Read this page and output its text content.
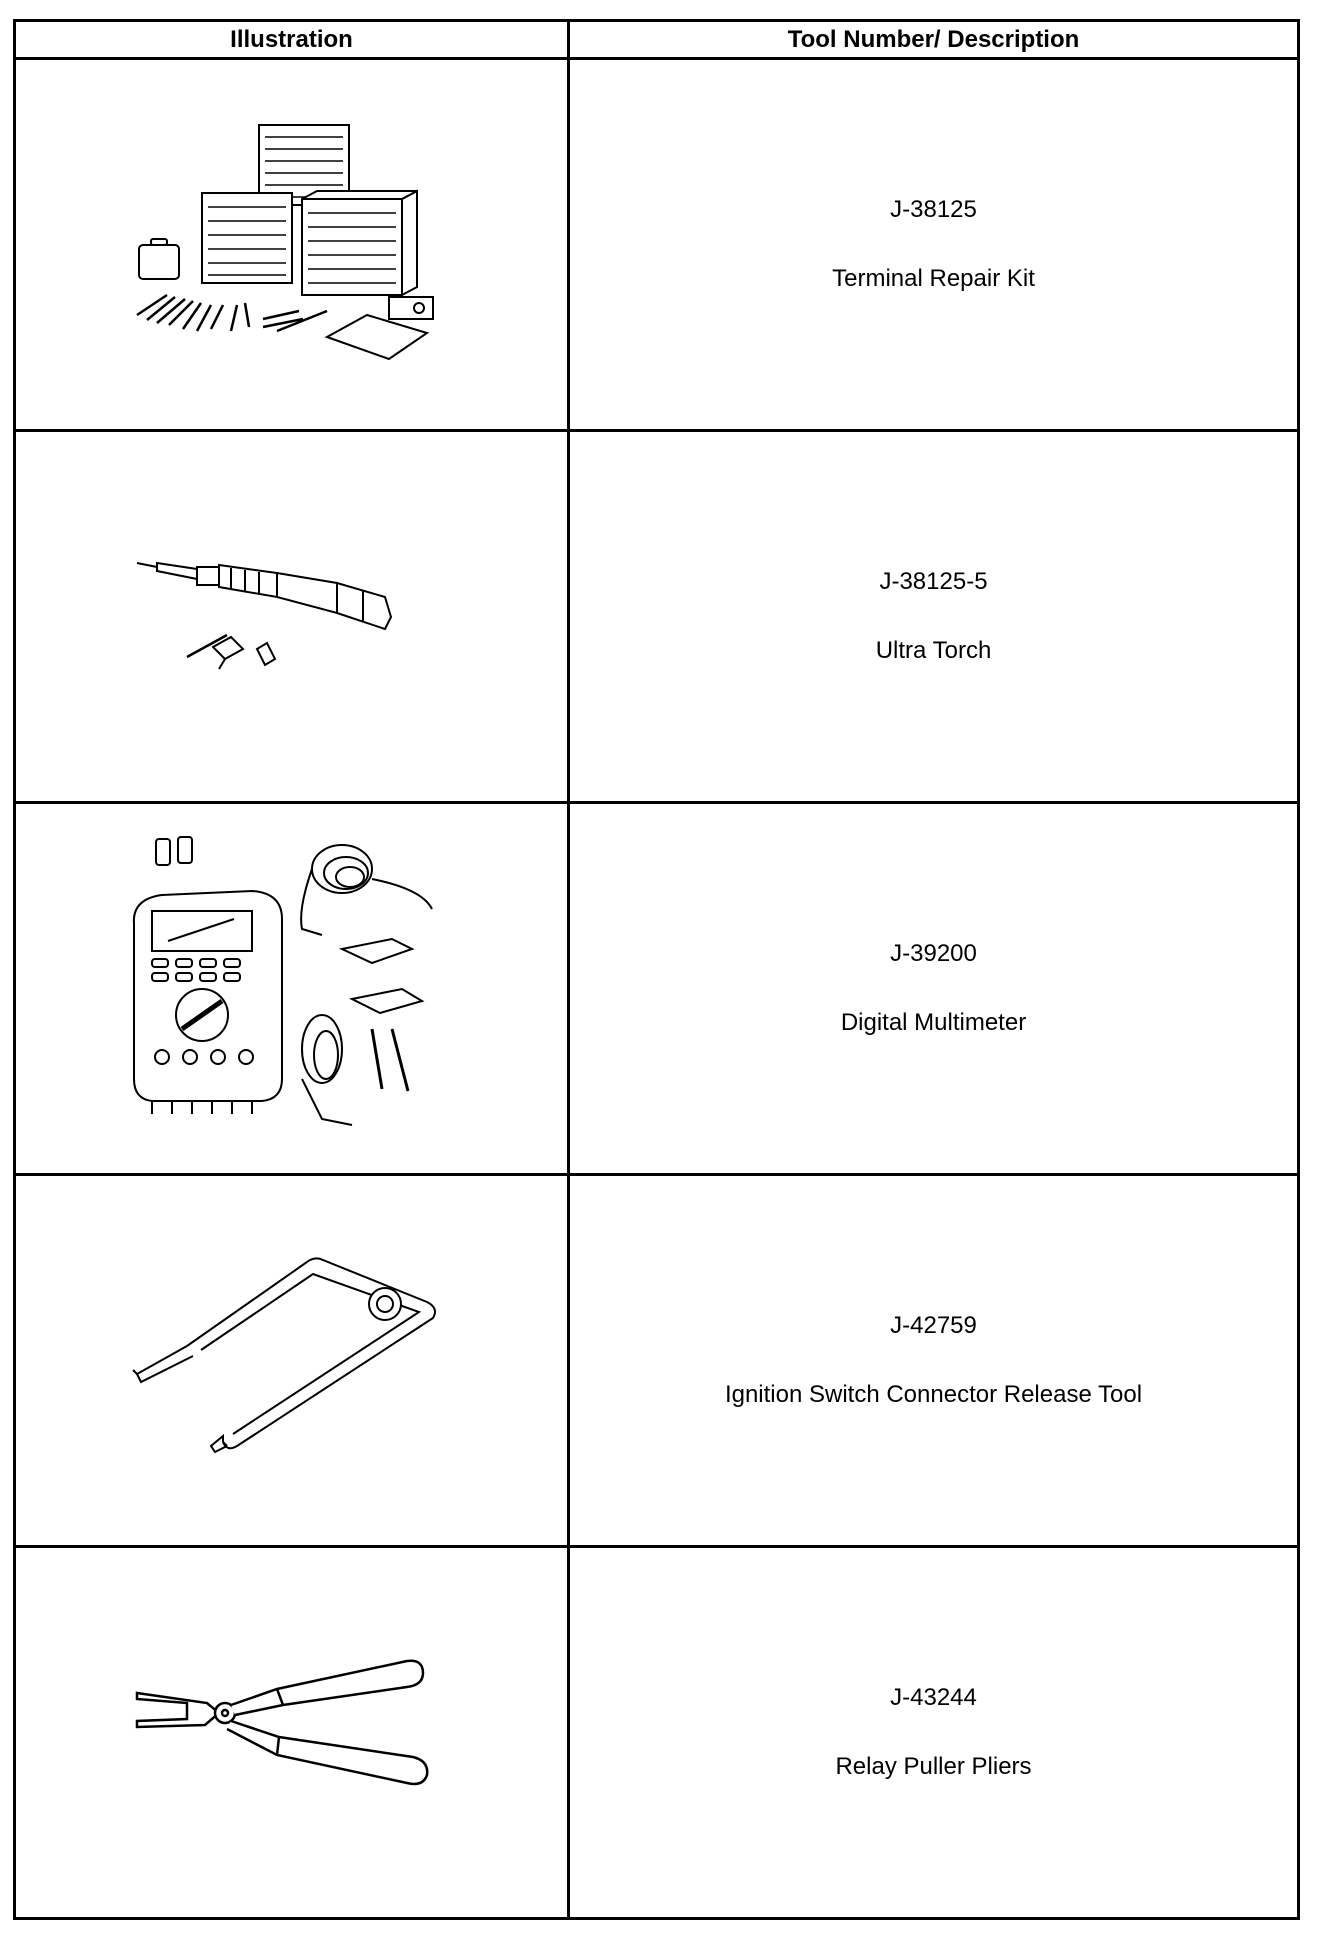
Illustration	Tool Number/ Description

J-38125
Terminal Repair Kit

J-38125-5
Ultra Torch

J-39200
Digital Multimeter

J-42759
Ignition Switch Connector Release Tool

J-43244
Relay Puller Pliers
